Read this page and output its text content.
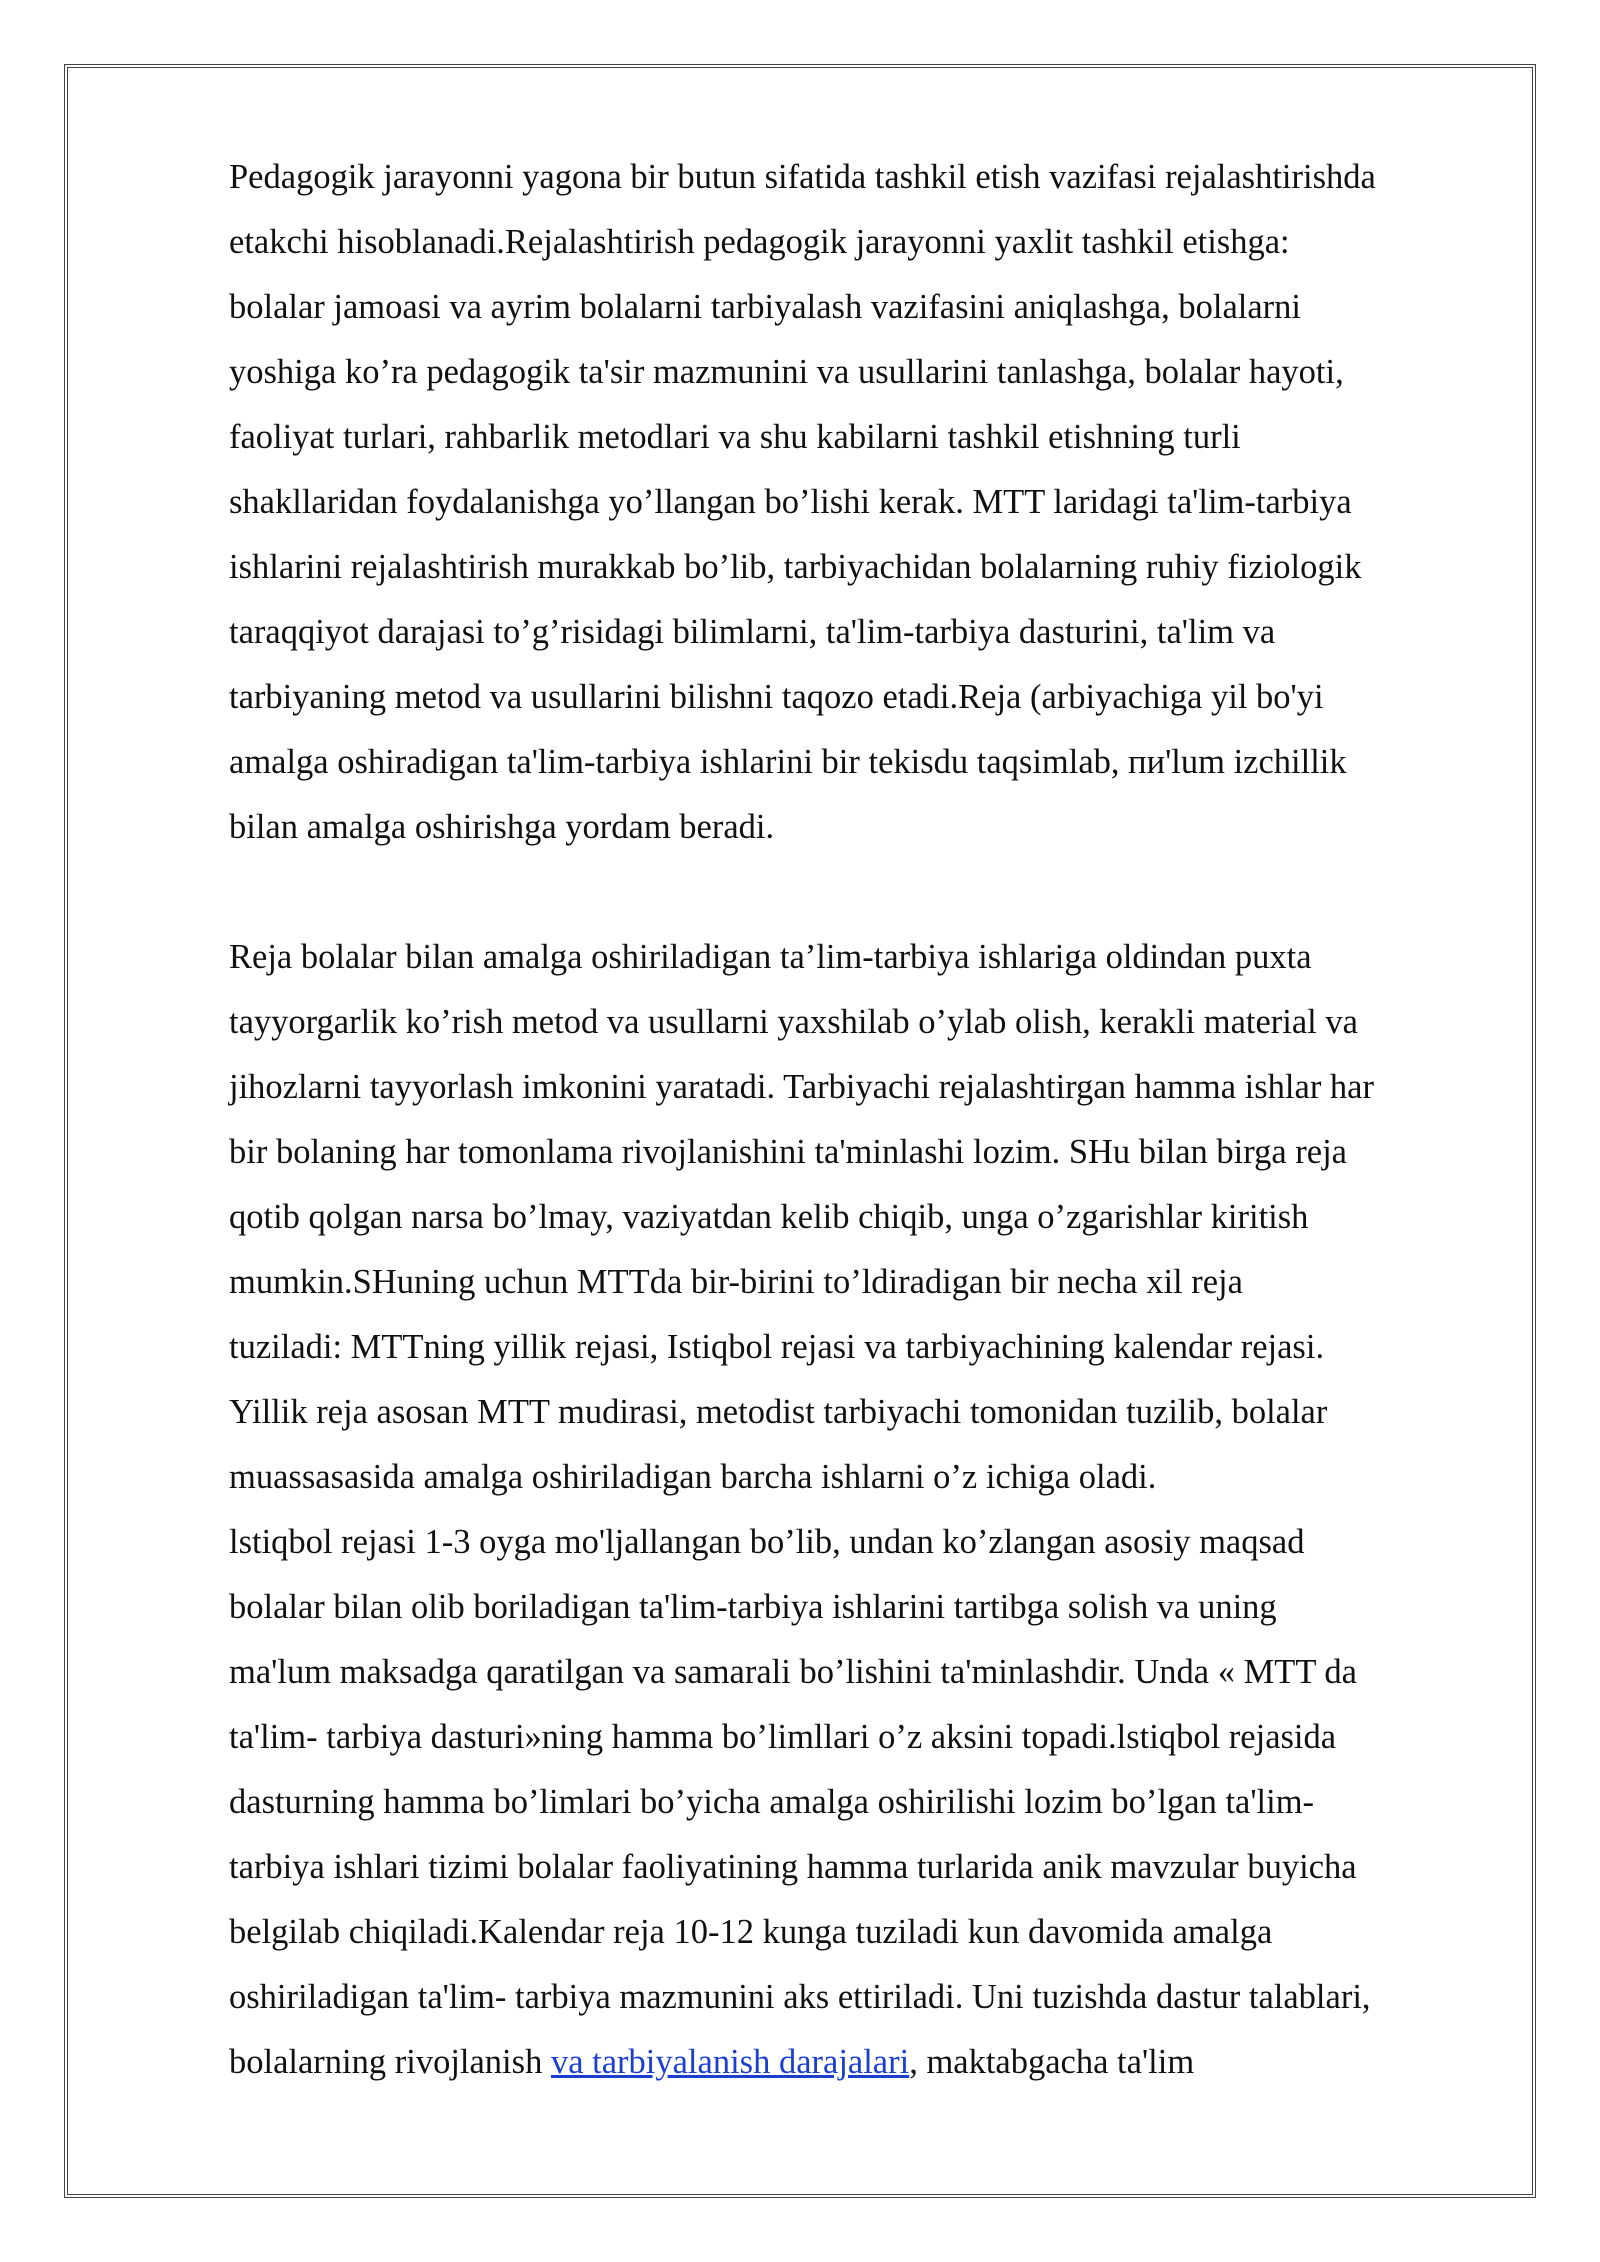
Pedagogik jarayonni yagona bir butun sifatida tashkil etish vazifasi rejalashtirishda
etakchi hisoblanadi.Rejalashtirish pedagogik jarayonni yaxlit tashkil etishga:
bolalar jamoasi va ayrim bolalarni tarbiyalash vazifasini aniqlashga, bolalarni
yoshiga ko’ra pedagogik ta'sir mazmunini va usullarini tanlashga, bolalar hayoti,
faoliyat turlari, rahbarlik metodlari va shu kabilarni tashkil etishning turli
shakllaridan foydalanishga yo’llangan bo’lishi kerak. MTT laridagi ta'lim-tarbiya
ishlarini rejalashtirish murakkab bo’lib, tarbiyachidan bolalarning ruhiy fiziologik
taraqqiyot darajasi to’g’risidagi bilimlarni, ta'lim-tarbiya dasturini, ta'lim va
tarbiyaning metod va usullarini bilishni taqozo etadi.Reja (arbiyachiga yil bo'yi
amalga oshiradigan ta'lim-tarbiya ishlarini bir tekisdu taqsimlab, пи'lum izchillik
bilan amalga oshirishga yordam beradi.
Reja bolalar bilan amalga oshiriladigan ta’lim-tarbiya ishlariga oldindan puxta
tayyorgarlik ko’rish metod va usullarni yaxshilab o’ylab olish, kerakli material va
jihozlarni tayyorlash imkonini yaratadi. Tarbiyachi rejalashtirgan hamma ishlar har
bir bolaning har tomonlama rivojlanishini ta'minlashi lozim. SHu bilan birga reja
qotib qolgan narsa bo’lmay, vaziyatdan kelib chiqib, unga o’zgarishlar kiritish
mumkin.SHuning uchun MTTda bir-birini to’ldiradigan bir necha xil reja
tuziladi: MTTning yillik rejasi, Istiqbol rejasi va tarbiyachining kalendar rejasi.
Yillik reja asosan MTT mudirasi, metodist tarbiyachi tomonidan tuzilib, bolalar
muassasasida amalga oshiriladigan barcha ishlarni o’z ichiga oladi.
lstiqbol rejasi 1-3 oyga mo'ljallangan bo’lib, undan ko’zlangan asosiy maqsad
bolalar bilan olib boriladigan ta'lim-tarbiya ishlarini tartibga solish va uning
ma'lum maksadga qaratilgan va samarali bo’lishini ta'minlashdir. Unda « MTT da
ta'lim- tarbiya dasturi»ning hamma bo’limllari o’z aksini topadi.lstiqbol rejasida
dasturning hamma bo’limlari bo’yicha amalga oshirilishi lozim bo’lgan ta'lim-
tarbiya ishlari tizimi bolalar faoliyatining hamma turlarida anik mavzular buyicha
belgilab chiqiladi.Kalendar reja 10-12 kunga tuziladi kun davomida amalga
oshiriladigan ta'lim- tarbiya mazmunini aks ettiriladi. Uni tuzishda dastur talablari,
bolalarning rivojlanish va tarbiyalanish darajalari, maktabgacha ta'lim
